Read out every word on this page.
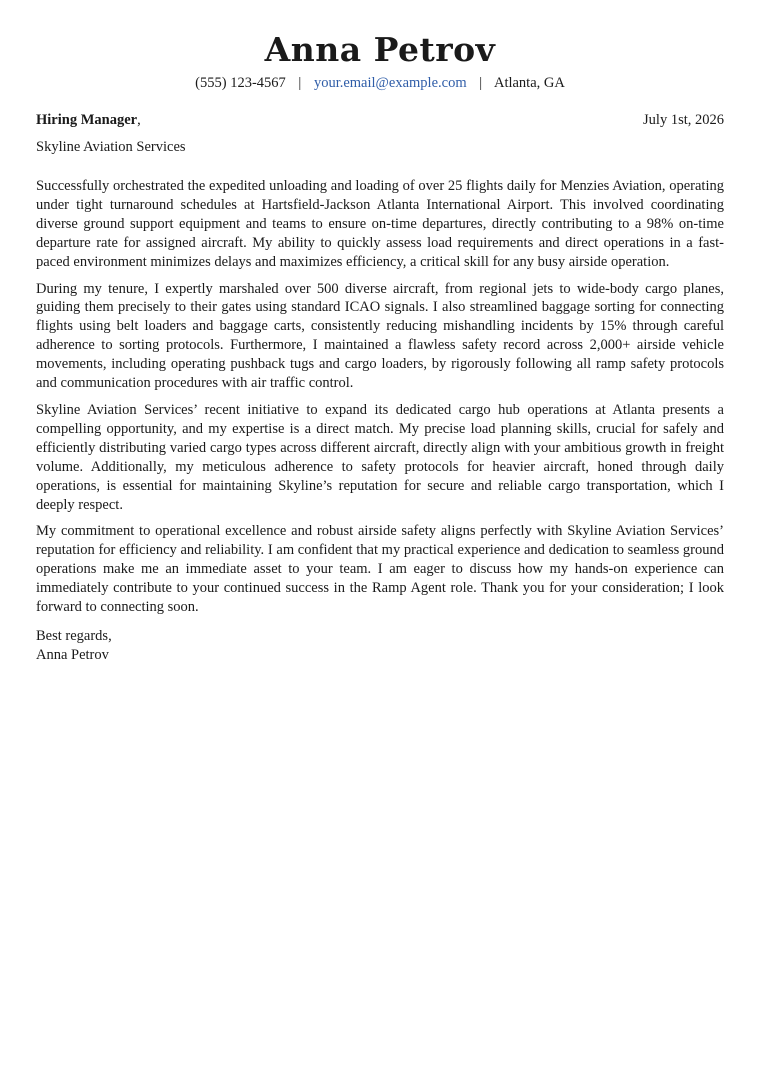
Anna Petrov
(555) 123-4567 | your.email@example.com | Atlanta, GA
Hiring Manager,	July 1st, 2026
Skyline Aviation Services

Successfully orchestrated the expedited unloading and loading of over 25 flights daily for Menzies Aviation, operating under tight turnaround schedules at Hartsfield-Jackson Atlanta International Airport. This involved coordinating diverse ground support equipment and teams to ensure on-time departures, directly contributing to a 98% on-time departure rate for assigned aircraft. My ability to quickly assess load requirements and direct operations in a fast-paced environment minimizes delays and maximizes efficiency, a critical skill for any busy airside operation.

During my tenure, I expertly marshaled over 500 diverse aircraft, from regional jets to wide-body cargo planes, guiding them precisely to their gates using standard ICAO signals. I also streamlined baggage sorting for connecting flights using belt loaders and baggage carts, consistently reducing mishandling incidents by 15% through careful adherence to sorting protocols. Furthermore, I maintained a flawless safety record across 2,000+ airside vehicle movements, including operating pushback tugs and cargo loaders, by rigorously following all ramp safety protocols and communication procedures with air traffic control.

Skyline Aviation Services’ recent initiative to expand its dedicated cargo hub operations at Atlanta presents a compelling opportunity, and my expertise is a direct match. My precise load planning skills, crucial for safely and efficiently distributing varied cargo types across different aircraft, directly align with your ambitious growth in freight volume. Additionally, my meticulous adherence to safety protocols for heavier aircraft, honed through daily operations, is essential for maintaining Skyline’s reputation for secure and reliable cargo transportation, which I deeply respect.

My commitment to operational excellence and robust airside safety aligns perfectly with Skyline Aviation Services’ reputation for efficiency and reliability. I am confident that my practical experience and dedication to seamless ground operations make me an immediate asset to your team. I am eager to discuss how my hands-on experience can immediately contribute to your continued success in the Ramp Agent role. Thank you for your consideration; I look forward to connecting soon.

Best regards,
Anna Petrov
